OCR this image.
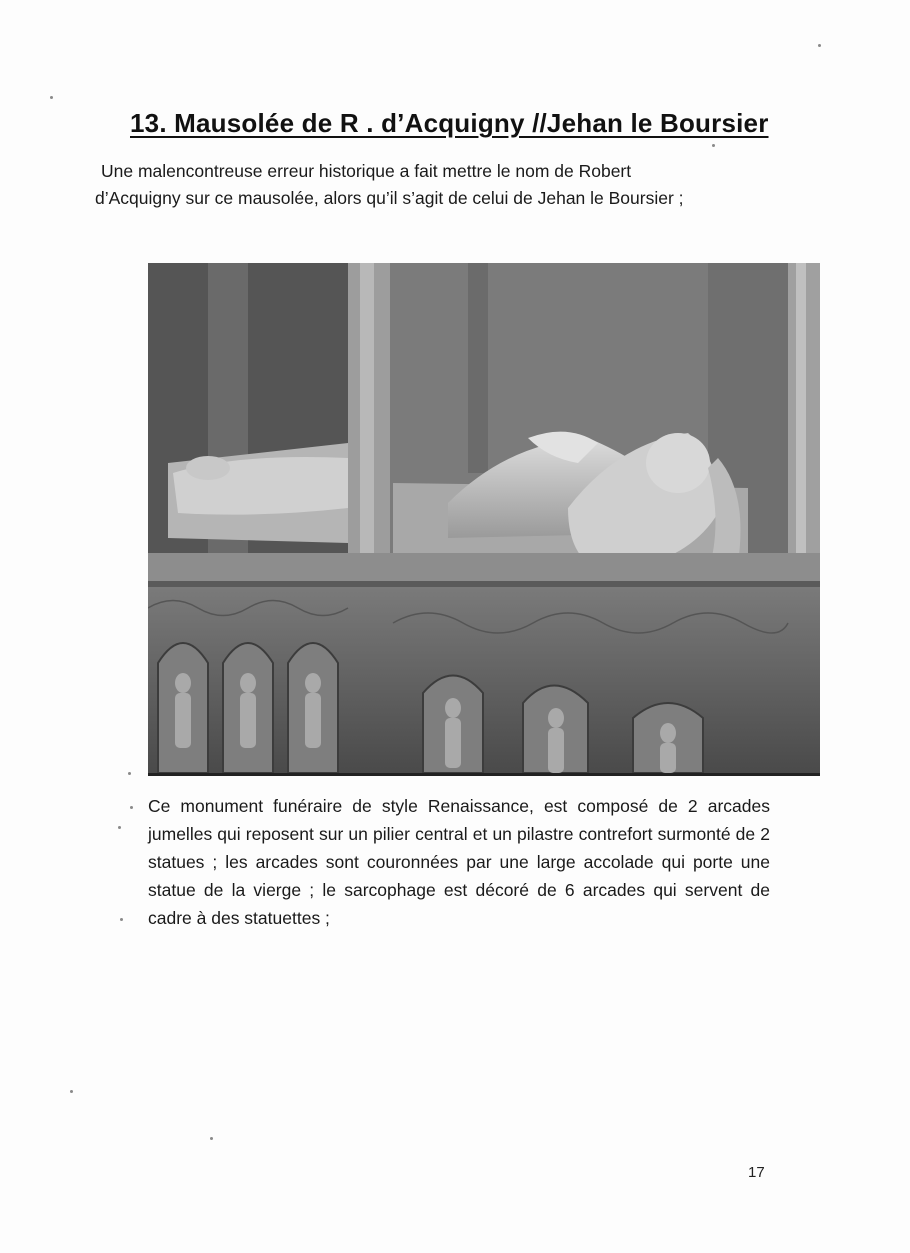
13. Mausolée de R . d’Acquigny //Jehan le Boursier

Une malencontreuse erreur historique a fait mettre le nom de Robert
d’Acquigny sur ce mausolée, alors qu’il s’agit de celui de Jehan le Boursier ;

Ce monument funéraire de style Renaissance, est composé de 2 arcades jumelles qui reposent sur un pilier central et un pilastre contrefort surmonté de 2 statues ; les arcades sont couronnées par une large accolade qui porte une statue de la vierge ; le sarcophage est décoré de 6 arcades qui servent de cadre à des statuettes ;

17
